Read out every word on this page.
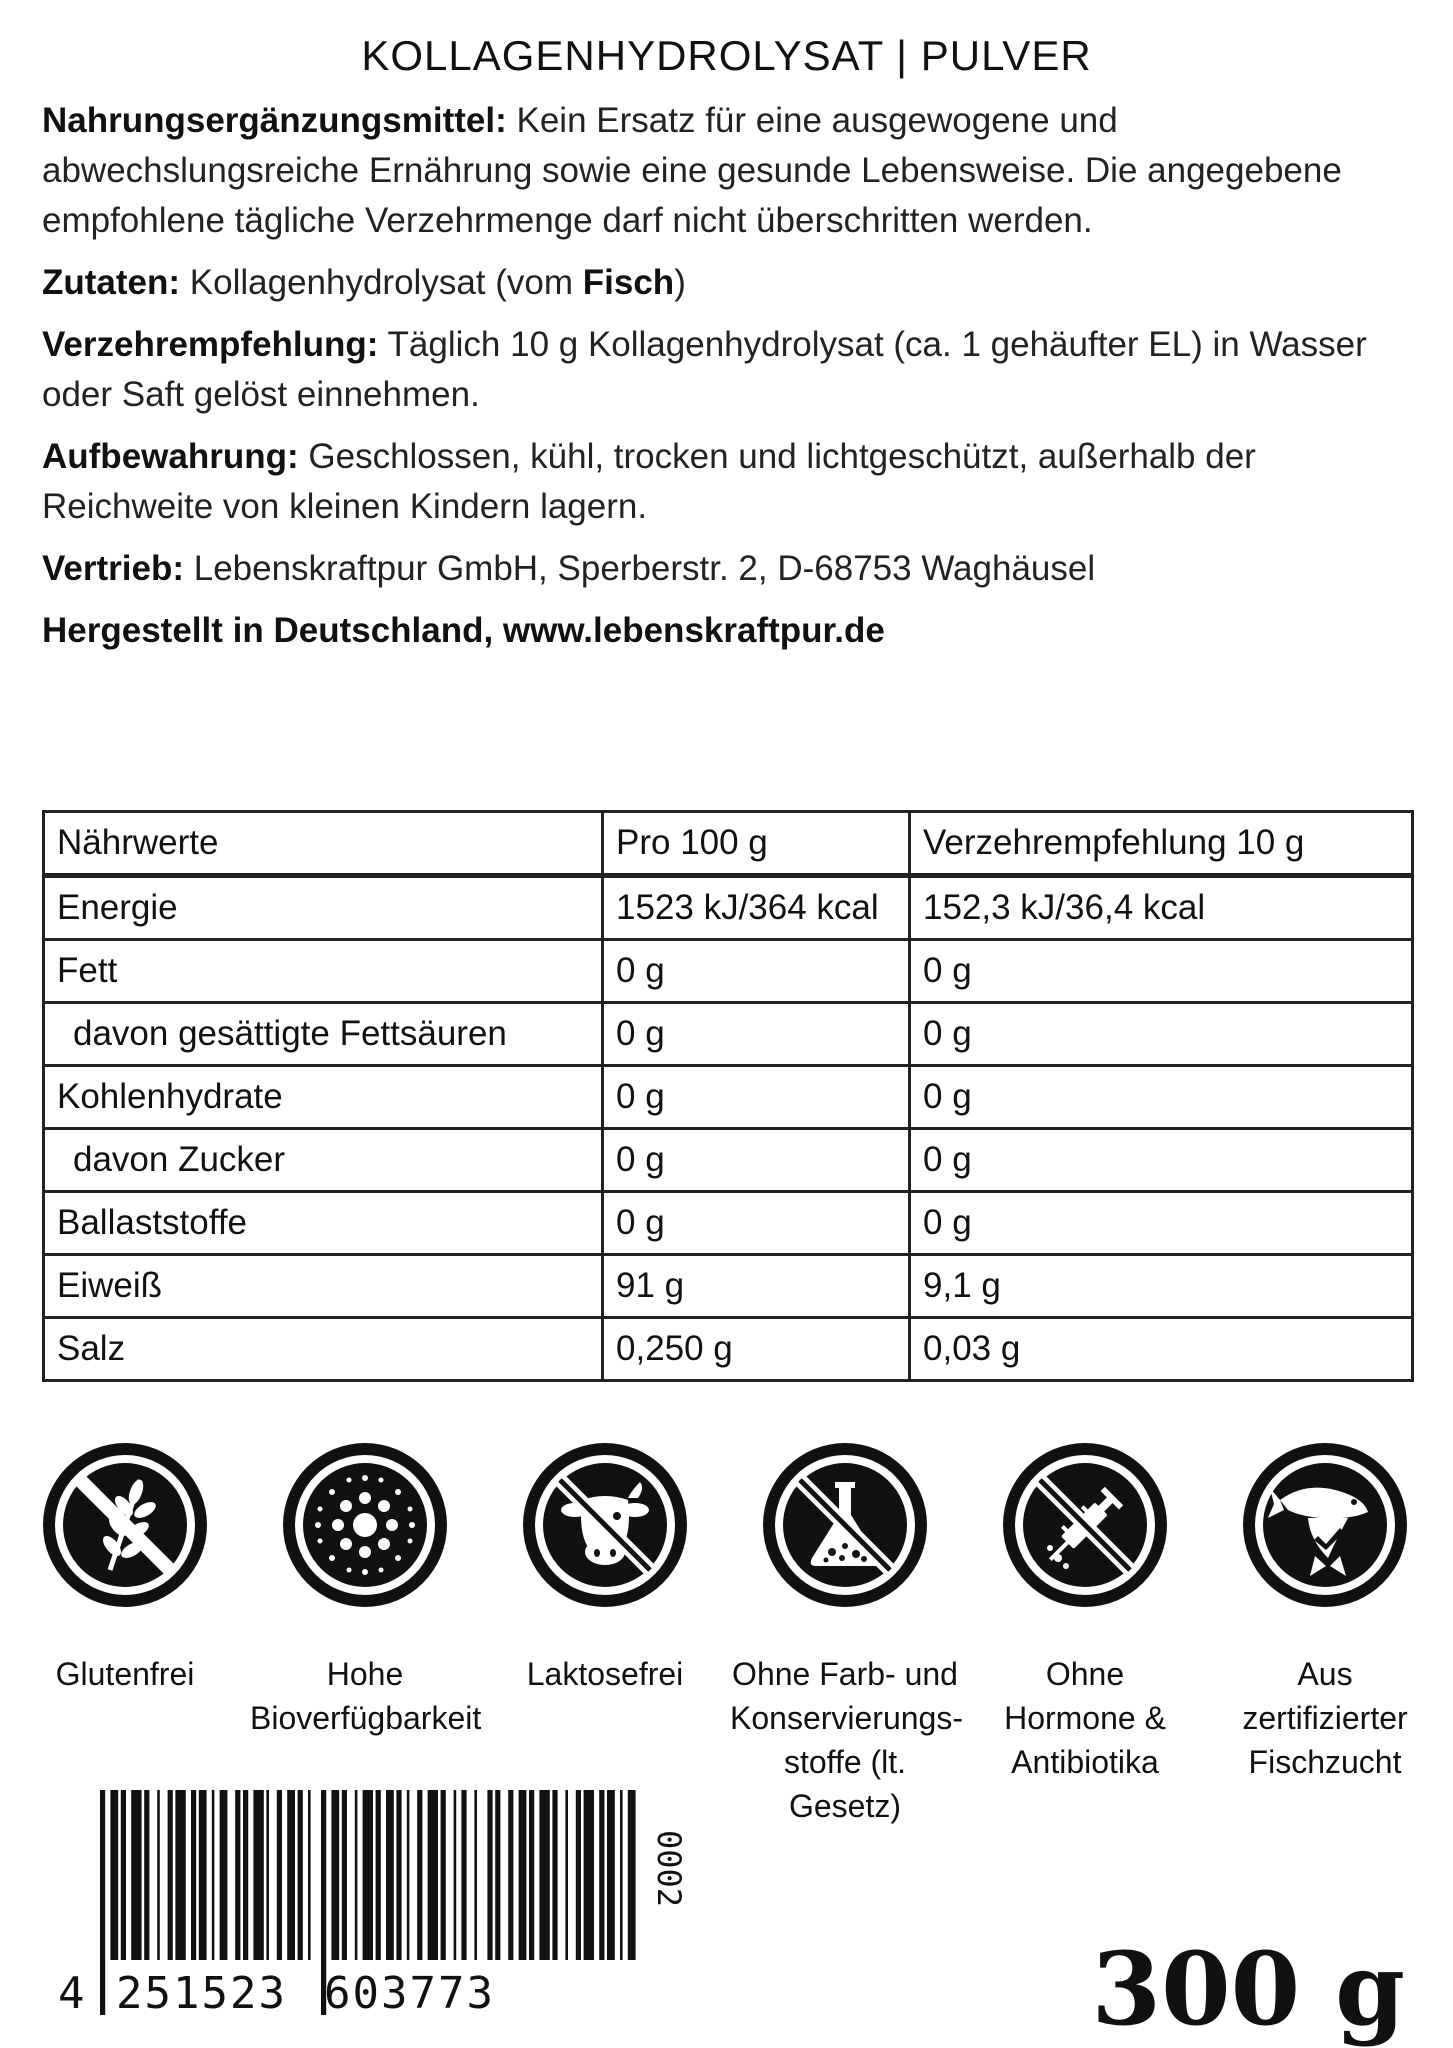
KOLLAGENHYDROLYSAT | PULVER

Nahrungsergänzungsmittel: Kein Ersatz für eine ausgewogene und abwechslungsreiche Ernährung sowie eine gesunde Lebensweise. Die angegebene empfohlene tägliche Verzehrmenge darf nicht überschritten werden.

Zutaten: Kollagenhydrolysat (vom Fisch)

Verzehrempfehlung: Täglich 10 g Kollagenhydrolysat (ca. 1 gehäufter EL) in Wasser oder Saft gelöst einnehmen.

Aufbewahrung: Geschlossen, kühl, trocken und lichtgeschützt, außerhalb der Reichweite von kleinen Kindern lagern.

Vertrieb: Lebenskraftpur GmbH, Sperberstr. 2, D-68753 Waghäusel

Hergestellt in Deutschland, www.lebenskraftpur.de

Nährwerte	Pro 100 g	Verzehrempfehlung 10 g
Energie	1523 kJ/364 kcal	152,3 kJ/36,4 kcal
Fett	0 g	0 g
davon gesättigte Fettsäuren	0 g	0 g
Kohlenhydrate	0 g	0 g
davon Zucker	0 g	0 g
Ballaststoffe	0 g	0 g
Eiweiß	91 g	9,1 g
Salz	0,250 g	0,03 g
Glutenfrei	Hohe
Bioverfügbarkeit
Laktosefrei	Ohne Farb- und
Konservierungs-
stoffe (lt. Gesetz)
Ohne
Hormone &
Antibiotika
Aus
zertifizierter
Fischzucht
4 251523 603773
0002
300 g
